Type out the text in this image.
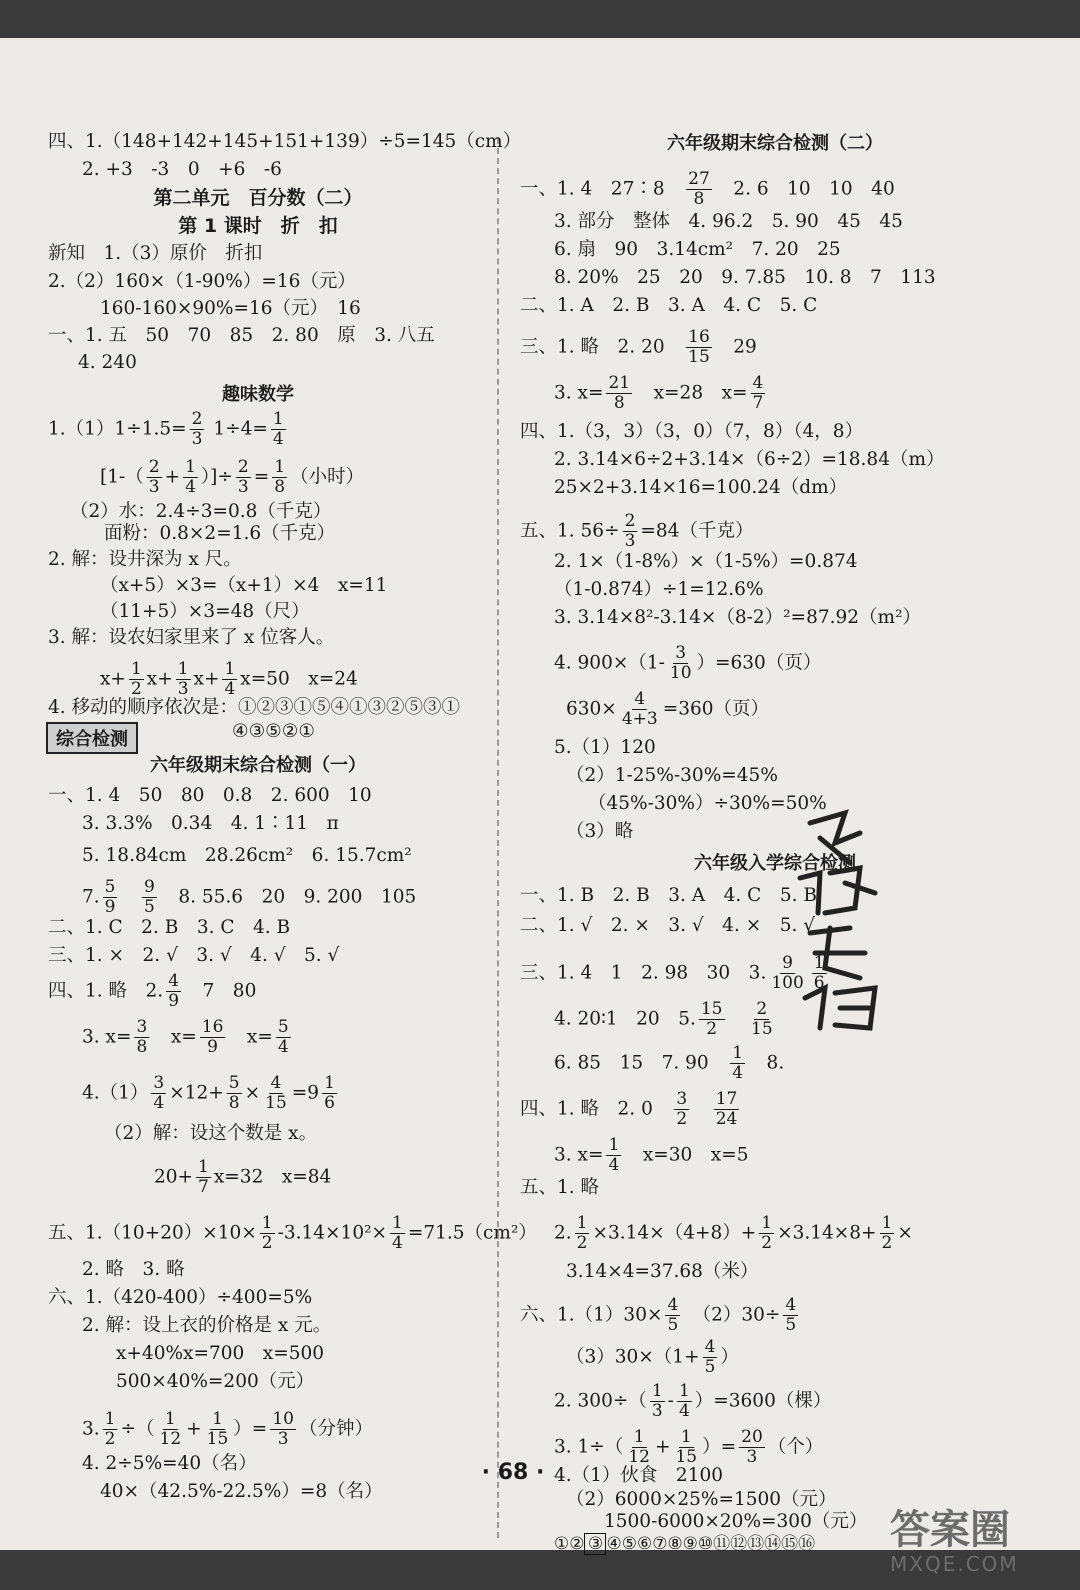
四、1.（148+142+145+151+139）÷5=145（cm）
2. +3　-3　0　+6　-6
第二单元　百分数（二）
第 1 课时　折　扣
新知　1.（3）原价　折扣
2.（2）160×（1-90%）=16（元）
160-160×90%=16（元）　16
一、1. 五　50　70　85　2. 80　原　3. 八五
4. 240
趣味数学
$1.(1)1\div 1.5= \frac{2}{3} 1\div 4= \frac{1}{4}$
[$1-( \frac{2}{3} + \frac{1}{4}$ ）]÷ $\frac{2}{3} = \frac{1}{8}$ （小时）
（2）水：2.4÷3=0.8（千克）
面粉：0.8×2=1.6（千克）
2. 解：设井深为 x 尺。
（x+5）×3=（x+1）×4　x=11
（11+5）×3=48（尺）
3. 解：设农妇家里来了 x 位客人。
$x+ \frac{1}{2} x+ \frac{1}{3} x+ \frac{1}{4} x=50$　x=24
4. 移动的顺序依次是：①②③①⑤④①③②⑤③①
④③⑤②①
综合检测
六年级期末综合检测（一）
一、1. 4　50　80　0.8　2. 600　10
3. 3.3%　0.34　4. 1∶11　π
5. 18.84cm　28.26cm²　6. 15.7cm²
7. $\frac{5}{9}$
　 $\frac{9}{5}$
　 8. 55.6　20　9. 200　105
二、1. C　2. B　3. C　4. B
三、1. ×　2. √　3. √　4. √　5. √
四、1. 略　2. $\frac{4}{9}$
　 7　80
3. $x= \frac{3}{8}$
　 $x= \frac{16}{9}$
　 $x= \frac{5}{4}$
$4.(1) \frac{3}{4} \times 12+ \frac{5}{8} \times \frac{4}{15} =9 \frac{1}{6}$
（2）解：设这个数是 x。
$20+ \frac{1}{7} x=32$　x=84
五、$1.(10+20)\times 10\times \frac{1}{2} -3.14\times 10^2\times \frac{1}{4} =71.5(cm^2)$
2. 略　3. 略
六、1.（420-400）÷400=5%
2. 解：设上衣的价格是 x 元。
x+40%x=700　x=500
500×40%=200（元）
3. $\frac{1}{2}$ ÷（ $\frac{1}{12} + \frac{1}{15}$ ）= $\frac{10}{3}$ （分钟）
4. 2÷5%=40（名）
40×（42.5%-22.5%）=8（名）
六年级期末综合检测（二）
一、1. 4　27∶8　 $\frac{27}{8}$
　 2. 6　10　10　40
3. 部分　整体　4. 96.2　5. 90　45　45
6. 扇　90　3.14cm²　7. 20　25
8. 20%　25　20　9. 7.85　10. 8　7　113
二、1. A　2. B　3. A　4. C　5. C
三、1. 略　2. 20　 $\frac{16}{15}$
　 29
3. $x= \frac{21}{8}$
　 x=28　$x= \frac{4}{7}$
四、1.（3，3）（3，0）（7，8）（4，8）
2. 3.14×6÷2+3.14×（6÷2）=18.84（m）
25×2+3.14×16=100.24（dm）
五、1. $56\div \frac{2}{3} =84$（千克）
2. 1×（1-8%）×（1-5%）=0.874
（1-0.874）÷1=12.6%
3. 3.14×8²-3.14×（8-2）²=87.92（m²）
4. $900\times(1- \frac{3}{10} )=630$（页）
$630\times \frac{4}{4+3} =360$（页）
5.（1）120
（2）1-25%-30%=45%
（45%-30%）÷30%=50%
（3）略
六年级入学综合检测
一、1. B　2. B　3. A　4. C　5. B
二、1. √　2. ×　3. √　4. ×　5. √
三、1. 4　1　2. 98　30　3. $\frac{9}{100} \frac{1}{6}$
4. 20∶1　20　5. $\frac{15}{2}$
　 $\frac{2}{15}$
6. 85　15　7. 90　 $\frac{1}{4}$
　 8.
四、1. 略　2. 0　 $\frac{3}{2}$
　 $\frac{17}{24}$
3. $x= \frac{1}{4}$
　 x=30　x=5
五、1. 略
2. $\frac{1}{2} \times 3.14\times(4+8)+ \frac{1}{2} \times 3.14\times 8+ \frac{1}{2}$ ×
3.14×4=37.68（米）
六、$1.(1)30\times \frac{4}{5}$
　 $(2)30\div \frac{4}{5}$
$(3)30\times(1+ \frac{4}{5}$ ）
2. $300\div( \frac{1}{3} - \frac{1}{4} )=3600$（棵）
3. $1\div( \frac{1}{12} + \frac{1}{15}$ ）= $\frac{20}{3}$ （个）
4.（1）伙食　2100
（2）6000×25%=1500（元）
1500-6000×20%=300（元）
①② ③ ④⑤⑥⑦⑧⑨⑩⑪⑫⑬⑭⑮⑯
· 68 ·
答案圈
MXQE.COM
